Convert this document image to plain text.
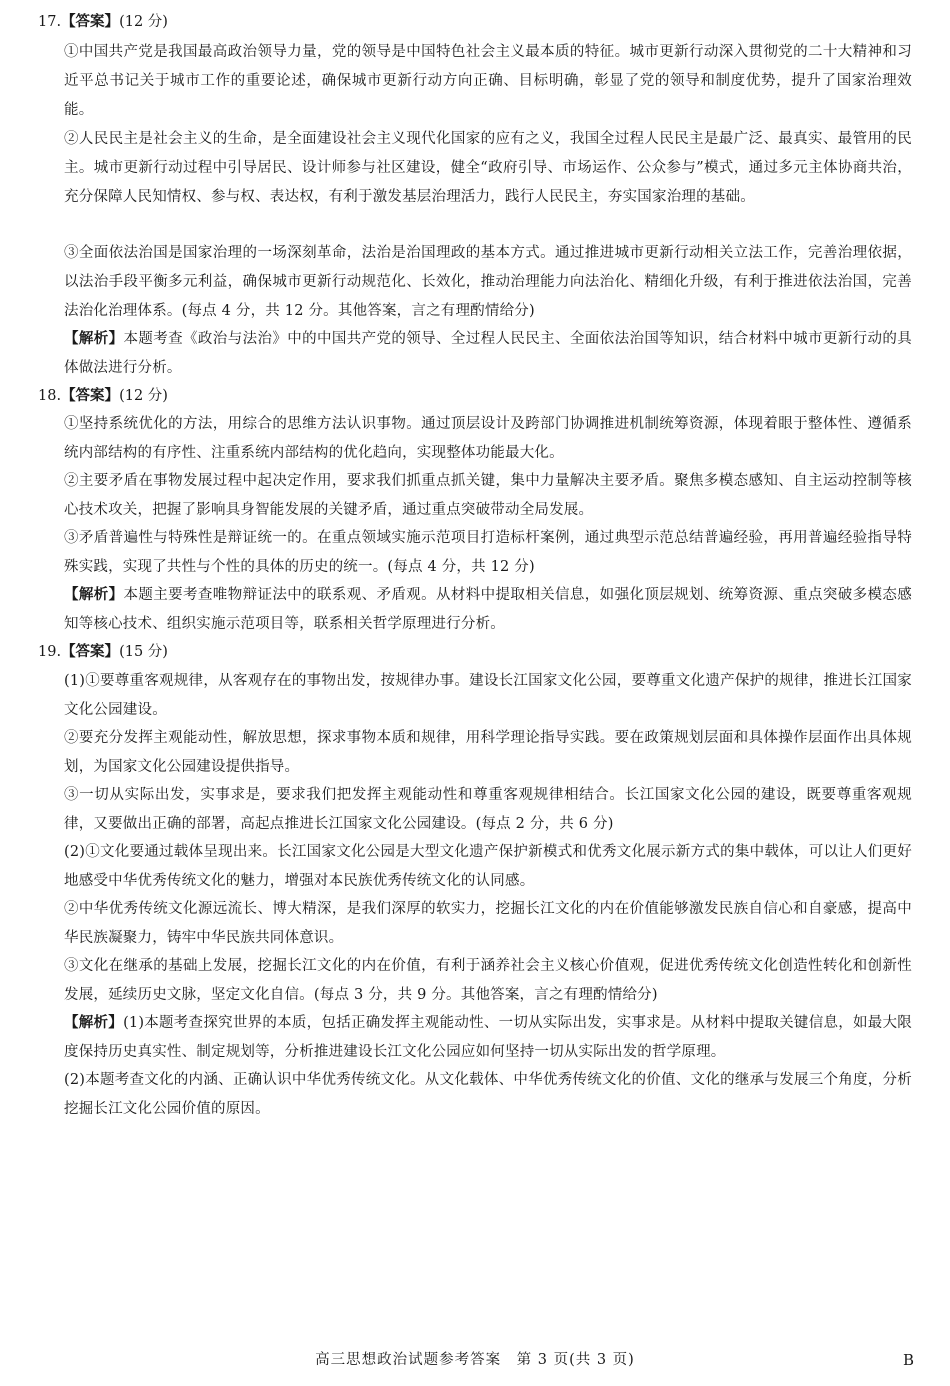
17.【答案】(12 分)
①中国共产党是我国最高政治领导力量，党的领导是中国特色社会主义最本质的特征。城市更新行动深入贯彻党的二十大精神和习近平总书记关于城市工作的重要论述，确保城市更新行动方向正确、目标明确，彰显了党的领导和制度优势，提升了国家治理效能。
②人民民主是社会主义的生命，是全面建设社会主义现代化国家的应有之义，我国全过程人民民主是最广泛、最真实、最管用的民主。城市更新行动过程中引导居民、设计师参与社区建设，健全“政府引导、市场运作、公众参与”模式，通过多元主体协商共治，充分保障人民知情权、参与权、表达权，有利于激发基层治理活力，践行人民民主，夯实国家治理的基础。
③全面依法治国是国家治理的一场深刻革命，法治是治国理政的基本方式。通过推进城市更新行动相关立法工作，完善治理依据，以法治手段平衡多元利益，确保城市更新行动规范化、长效化，推动治理能力向法治化、精细化升级，有利于推进依法治国，完善法治化治理体系。(每点 4 分，共 12 分。其他答案，言之有理酌情给分)
【解析】本题考查《政治与法治》中的中国共产党的领导、全过程人民民主、全面依法治国等知识，结合材料中城市更新行动的具体做法进行分析。
18.【答案】(12 分)
①坚持系统优化的方法，用综合的思维方法认识事物。通过顶层设计及跨部门协调推进机制统筹资源，体现着眼于整体性、遵循系统内部结构的有序性、注重系统内部结构的优化趋向，实现整体功能最大化。
②主要矛盾在事物发展过程中起决定作用，要求我们抓重点抓关键，集中力量解决主要矛盾。聚焦多模态感知、自主运动控制等核心技术攻关，把握了影响具身智能发展的关键矛盾，通过重点突破带动全局发展。
③矛盾普遍性与特殊性是辩证统一的。在重点领域实施示范项目打造标杆案例，通过典型示范总结普遍经验，再用普遍经验指导特殊实践，实现了共性与个性的具体的历史的统一。(每点 4 分，共 12 分)
【解析】本题主要考查唯物辩证法中的联系观、矛盾观。从材料中提取相关信息，如强化顶层规划、统筹资源、重点突破多模态感知等核心技术、组织实施示范项目等，联系相关哲学原理进行分析。
19.【答案】(15 分)
(1)①要尊重客观规律，从客观存在的事物出发，按规律办事。建设长江国家文化公园，要尊重文化遗产保护的规律，推进长江国家文化公园建设。
②要充分发挥主观能动性，解放思想，探求事物本质和规律，用科学理论指导实践。要在政策规划层面和具体操作层面作出具体规划，为国家文化公园建设提供指导。
③一切从实际出发，实事求是，要求我们把发挥主观能动性和尊重客观规律相结合。长江国家文化公园的建设，既要尊重客观规律，又要做出正确的部署，高起点推进长江国家文化公园建设。(每点 2 分，共 6 分)
(2)①文化要通过载体呈现出来。长江国家文化公园是大型文化遗产保护新模式和优秀文化展示新方式的集中载体，可以让人们更好地感受中华优秀传统文化的魅力，增强对本民族优秀传统文化的认同感。
②中华优秀传统文化源远流长、博大精深，是我们深厚的软实力，挖掘长江文化的内在价值能够激发民族自信心和自豪感，提高中华民族凝聚力，铸牢中华民族共同体意识。
③文化在继承的基础上发展，挖掘长江文化的内在价值，有利于涵养社会主义核心价值观，促进优秀传统文化创造性转化和创新性发展，延续历史文脉，坚定文化自信。(每点 3 分，共 9 分。其他答案，言之有理酌情给分)
【解析】(1)本题考查探究世界的本质，包括正确发挥主观能动性、一切从实际出发，实事求是。从材料中提取关键信息，如最大限度保持历史真实性、制定规划等，分析推进建设长江文化公园应如何坚持一切从实际出发的哲学原理。
(2)本题考查文化的内涵、正确认识中华优秀传统文化。从文化载体、中华优秀传统文化的价值、文化的继承与发展三个角度，分析挖掘长江文化公园价值的原因。
高三思想政治试题参考答案　第 3 页(共 3 页)	B
